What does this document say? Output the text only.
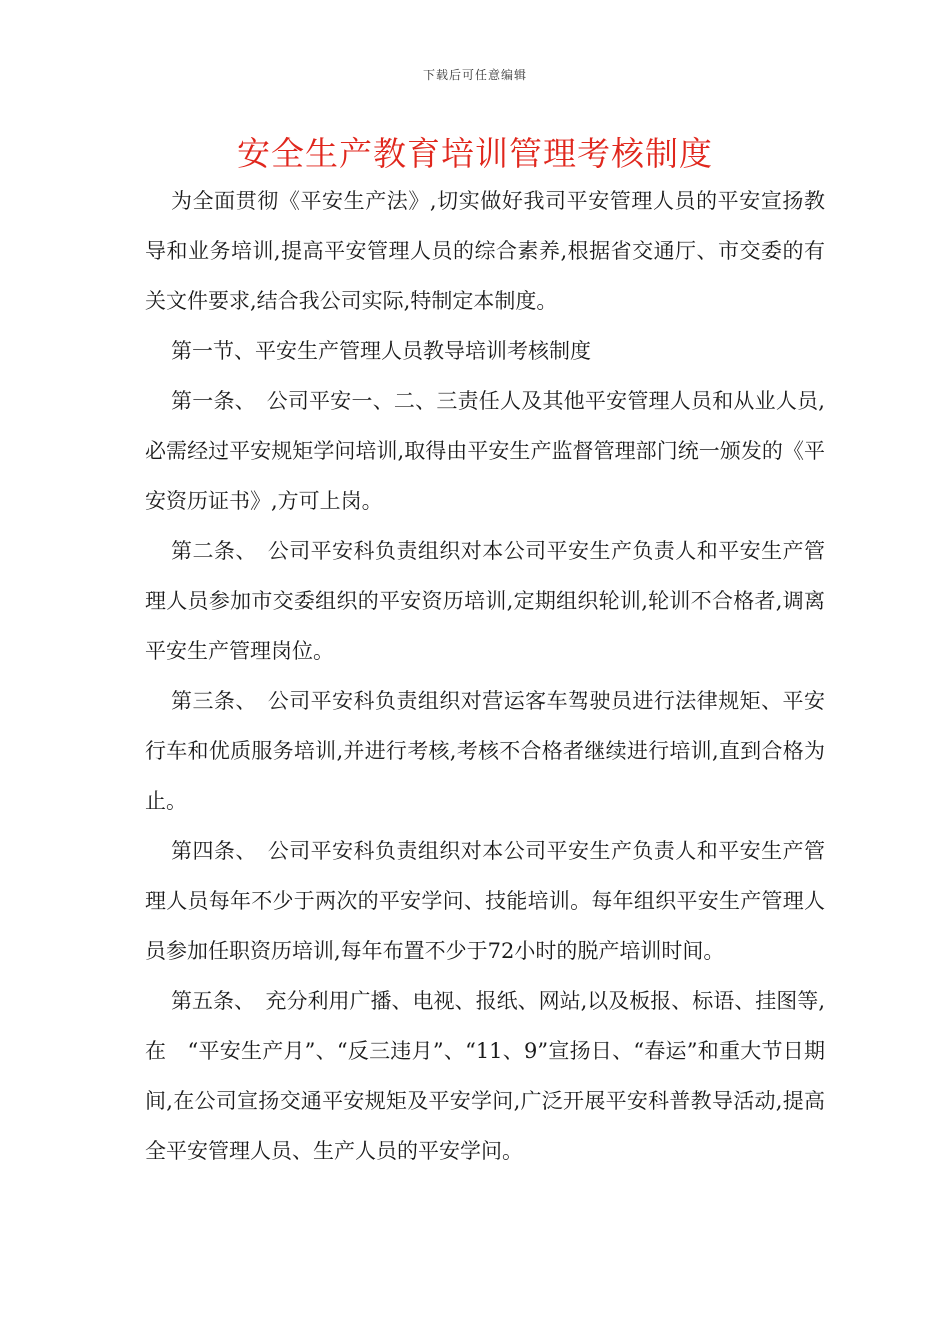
下载后可任意编辑
安全生产教育培训管理考核制度

为全面贯彻《平安生产法》,切实做好我司平安管理人员的平安宣扬教导和业务培训,提高平安管理人员的综合素养,根据省交通厅、市交委的有关文件要求,结合我公司实际,特制定本制度。

第一节、平安生产管理人员教导培训考核制度

第一条、　公司平安一、二、三责任人及其他平安管理人员和从业人员,必需经过平安规矩学问培训,取得由平安生产监督管理部门统一颁发的《平安资历证书》,方可上岗。

第二条、　公司平安科负责组织对本公司平安生产负责人和平安生产管理人员参加市交委组织的平安资历培训,定期组织轮训,轮训不合格者,调离平安生产管理岗位。

第三条、　公司平安科负责组织对营运客车驾驶员进行法律规矩、平安行车和优质服务培训,并进行考核,考核不合格者继续进行培训,直到合格为止。

第四条、　公司平安科负责组织对本公司平安生产负责人和平安生产管理人员每年不少于两次的平安学问、技能培训。每年组织平安生产管理人员参加任职资历培训,每年布置不少于72小时的脱产培训时间。

第五条、　充分利用广播、电视、报纸、网站,以及板报、标语、挂图等,在　“平安生产月”、“反三违月”、“11、9”宣扬日、“春运”和重大节日期间,在公司宣扬交通平安规矩及平安学问,广泛开展平安科普教导活动,提高全平安管理人员、生产人员的平安学问。
